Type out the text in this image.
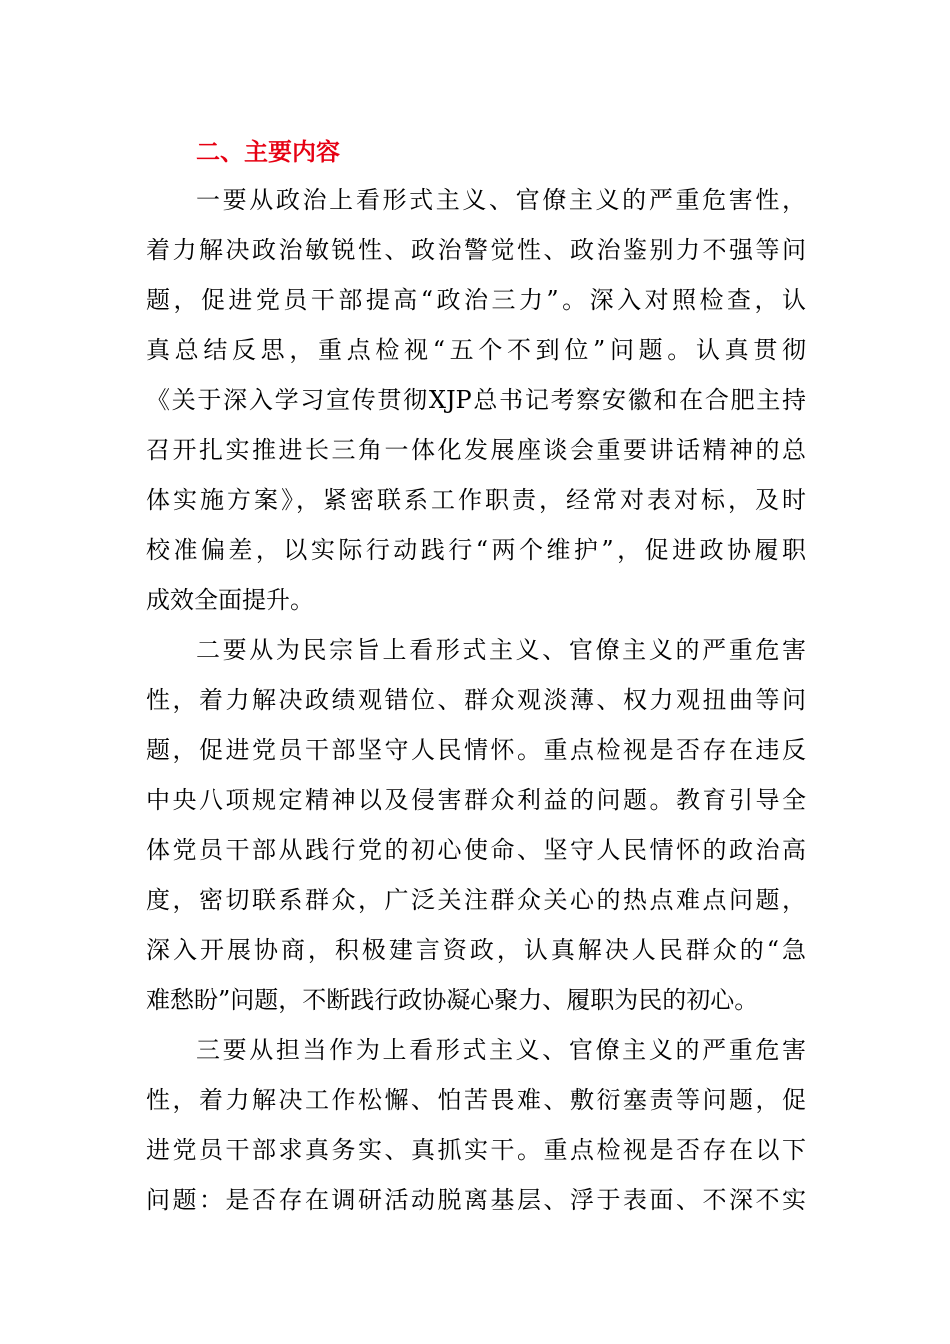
二、主要内容
一要从政治上看形式主义、官僚主义的严重危害性，
着力解决政治敏锐性、政治警觉性、政治鉴别力不强等问
题，促进党员干部提高“政治三力”。深入对照检查，认
真总结反思，重点检视“五个不到位”问题。认真贯彻
《关于深入学习宣传贯彻XJP总书记考察安徽和在合肥主持
召开扎实推进长三角一体化发展座谈会重要讲话精神的总
体实施方案》，紧密联系工作职责，经常对表对标，及时
校准偏差，以实际行动践行“两个维护”，促进政协履职
成效全面提升。
二要从为民宗旨上看形式主义、官僚主义的严重危害
性，着力解决政绩观错位、群众观淡薄、权力观扭曲等问
题，促进党员干部坚守人民情怀。重点检视是否存在违反
中央八项规定精神以及侵害群众利益的问题。教育引导全
体党员干部从践行党的初心使命、坚守人民情怀的政治高
度，密切联系群众，广泛关注群众关心的热点难点问题，
深入开展协商，积极建言资政，认真解决人民群众的“急
难愁盼”问题，不断践行政协凝心聚力、履职为民的初心。
三要从担当作为上看形式主义、官僚主义的严重危害
性，着力解决工作松懈、怕苦畏难、敷衍塞责等问题，促
进党员干部求真务实、真抓实干。重点检视是否存在以下
问题：是否存在调研活动脱离基层、浮于表面、不深不实
